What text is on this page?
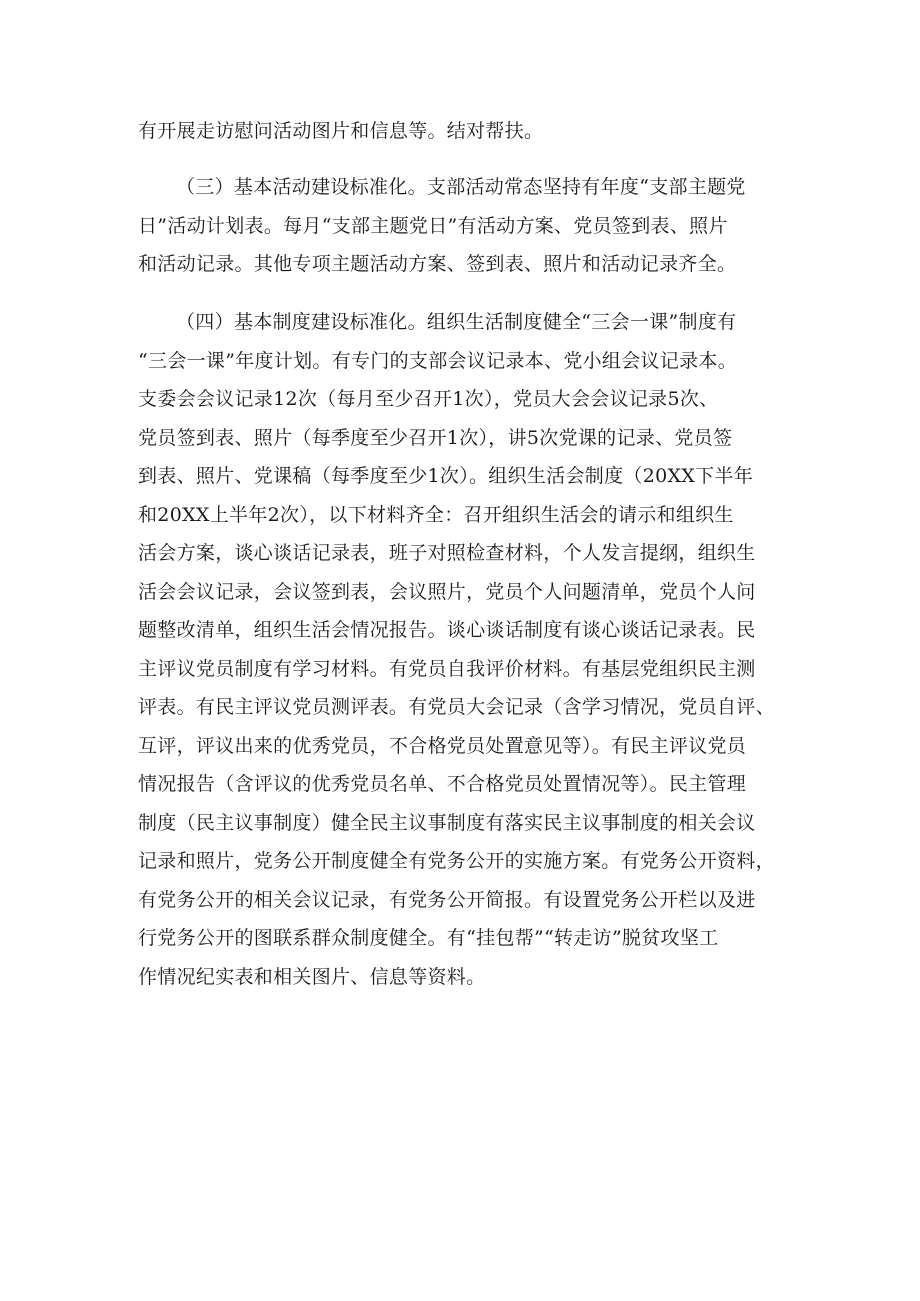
有开展走访慰问活动图片和信息等。结对帮扶。
（三）基本活动建设标准化。支部活动常态坚持有年度“支部主题党
日”活动计划表。每月“支部主题党日”有活动方案、党员签到表、照片
和活动记录。其他专项主题活动方案、签到表、照片和活动记录齐全。
（四）基本制度建设标准化。组织生活制度健全“三会一课”制度有
“三会一课”年度计划。有专门的支部会议记录本、党小组会议记录本。
支委会会议记录12次（每月至少召开1次），党员大会会议记录5次、
党员签到表、照片（每季度至少召开1次），讲5次党课的记录、党员签
到表、照片、党课稿（每季度至少1次）。组织生活会制度（20XX下半年
和20XX上半年2次），以下材料齐全：召开组织生活会的请示和组织生
活会方案，谈心谈话记录表，班子对照检查材料，个人发言提纲，组织生
活会会议记录，会议签到表，会议照片，党员个人问题清单，党员个人问
题整改清单，组织生活会情况报告。谈心谈话制度有谈心谈话记录表。民
主评议党员制度有学习材料。有党员自我评价材料。有基层党组织民主测
评表。有民主评议党员测评表。有党员大会记录（含学习情况，党员自评、
互评，评议出来的优秀党员，不合格党员处置意见等）。有民主评议党员
情况报告（含评议的优秀党员名单、不合格党员处置情况等）。民主管理
制度（民主议事制度）健全民主议事制度有落实民主议事制度的相关会议
记录和照片，党务公开制度健全有党务公开的实施方案。有党务公开资料，
有党务公开的相关会议记录，有党务公开简报。有设置党务公开栏以及进
行党务公开的图联系群众制度健全。有“挂包帮”“转走访”脱贫攻坚工
作情况纪实表和相关图片、信息等资料。
